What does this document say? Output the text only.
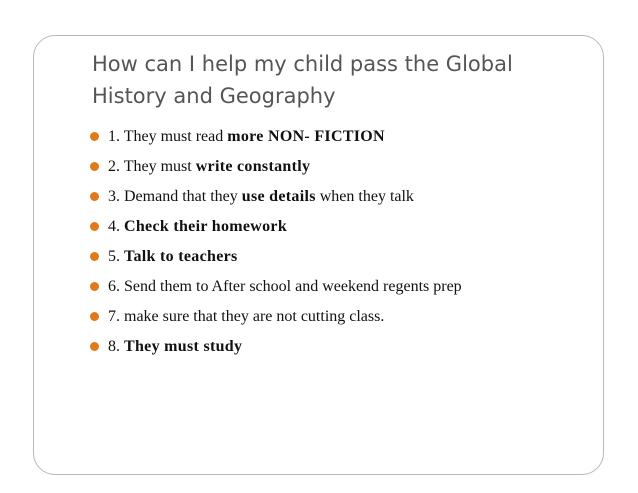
How can I help my child pass the Global History and Geography
1. They must read more NON- FICTION
2. They must write constantly
3. Demand that they use details when they talk
4. Check their homework
5. Talk to teachers
6. Send them to After school and weekend regents prep
7. make sure that they are not cutting class.
8. They must study
